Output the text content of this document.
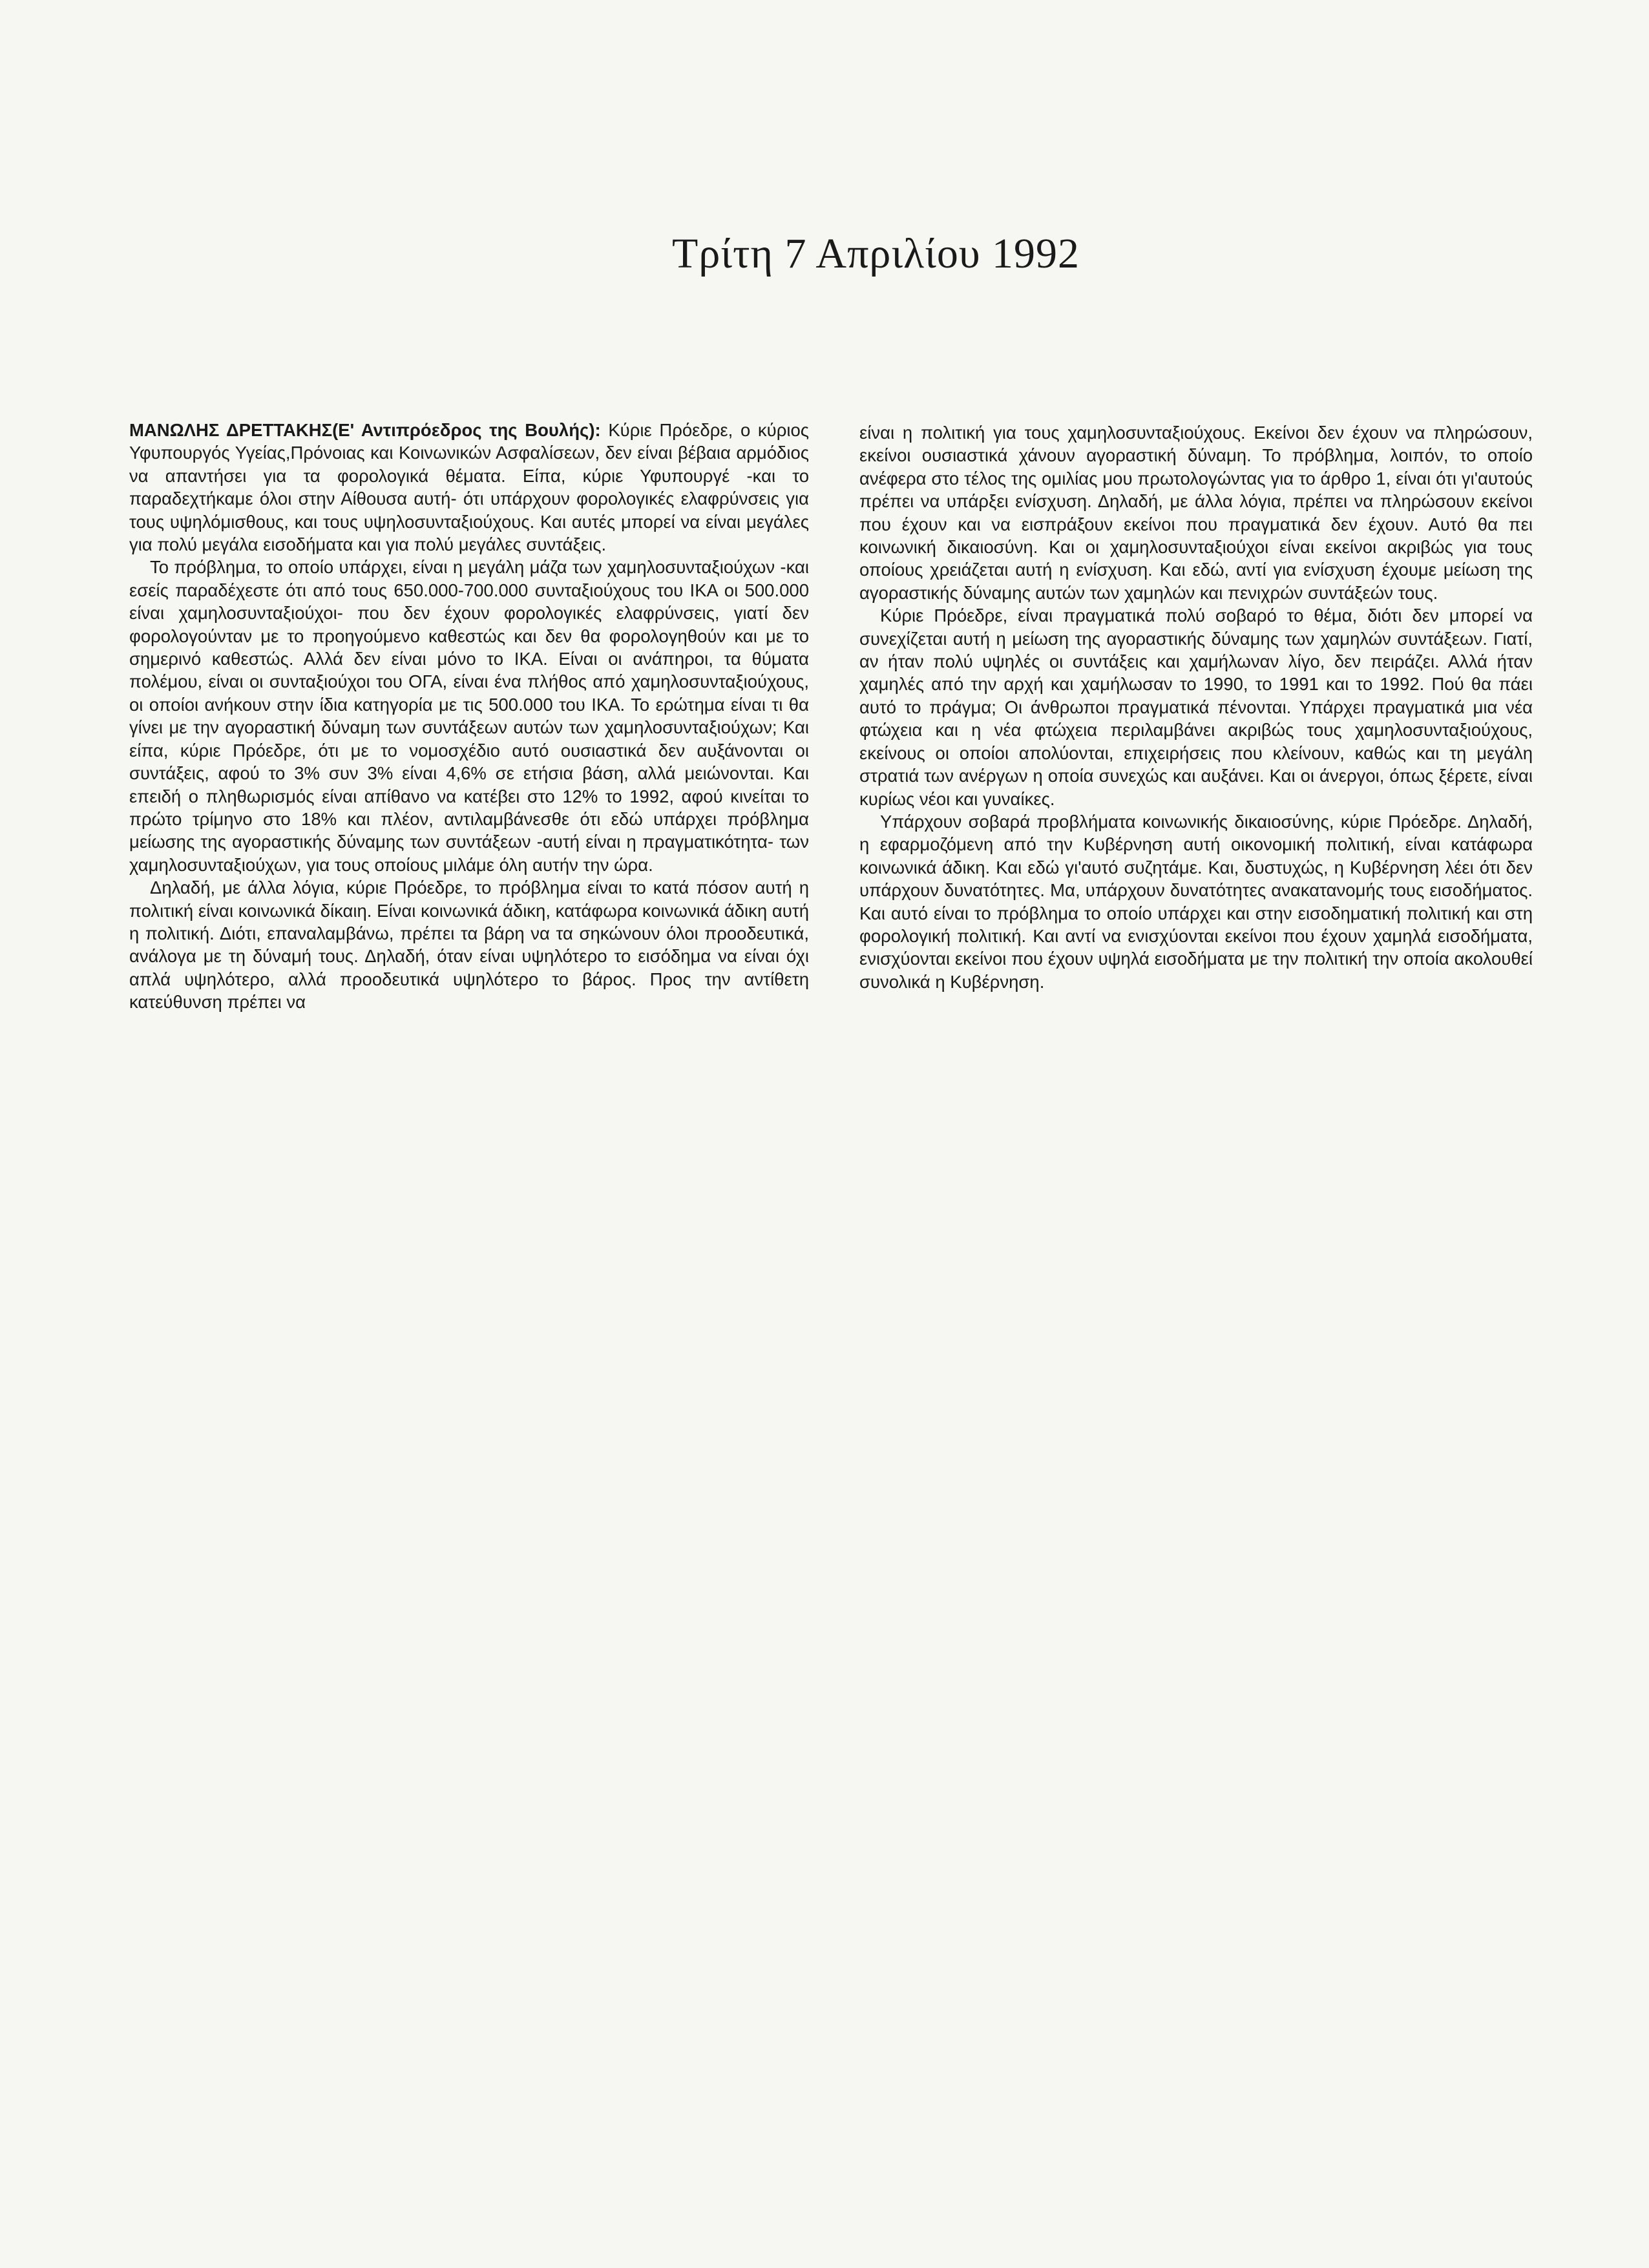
Τρίτη 7 Απριλίου 1992

ΜΑΝΩΛΗΣ ΔΡΕΤΤΑΚΗΣ(Ε' Αντιπρόεδρος της Βουλής): Κύριε Πρόεδρε, ο κύριος Υφυπουργός Υγείας,Πρόνοιας και Κοινωνικών Ασφαλίσεων, δεν είναι βέβαια αρμόδιος να απαντήσει για τα φορολογικά θέματα. Είπα, κύριε Υφυπουργέ -και το παραδεχτήκαμε όλοι στην Αίθουσα αυτή- ότι υπάρχουν φορολογικές ελαφρύνσεις για τους υψηλόμισθους, και τους υψηλοσυνταξιούχους. Και αυτές μπορεί να είναι μεγάλες για πολύ μεγάλα εισοδήματα και για πολύ μεγάλες συντάξεις.

Το πρόβλημα, το οποίο υπάρχει, είναι η μεγάλη μάζα των χαμηλοσυνταξιούχων -και εσείς παραδέχεστε ότι από τους 650.000-700.000 συνταξιούχους του ΙΚΑ οι 500.000 είναι χαμηλοσυνταξιούχοι- που δεν έχουν φορολογικές ελαφρύνσεις, γιατί δεν φορολογούνταν με το προηγούμενο καθεστώς και δεν θα φορολογηθούν και με το σημερινό καθεστώς. Αλλά δεν είναι μόνο το ΙΚΑ. Είναι οι ανάπηροι, τα θύματα πολέμου, είναι οι συνταξιούχοι του ΟΓΑ, είναι ένα πλήθος από χαμηλοσυνταξιούχους, οι οποίοι ανήκουν στην ίδια κατηγορία με τις 500.000 του ΙΚΑ. Το ερώτημα είναι τι θα γίνει με την αγοραστική δύναμη των συντάξεων αυτών των χαμηλοσυνταξιούχων; Και είπα, κύριε Πρόεδρε, ότι με το νομοσχέδιο αυτό ουσιαστικά δεν αυξάνονται οι συντάξεις, αφού το 3% συν 3% είναι 4,6% σε ετήσια βάση, αλλά μειώνονται. Και επειδή ο πληθωρισμός είναι απίθανο να κατέβει στο 12% το 1992, αφού κινείται το πρώτο τρίμηνο στο 18% και πλέον, αντιλαμβάνεσθε ότι εδώ υπάρχει πρόβλημα μείωσης της αγοραστικής δύναμης των συντάξεων -αυτή είναι η πραγματικότητα- των χαμηλοσυνταξιούχων, για τους οποίους μιλάμε όλη αυτήν την ώρα.

Δηλαδή, με άλλα λόγια, κύριε Πρόεδρε, το πρόβλημα είναι το κατά πόσον αυτή η πολιτική είναι κοινωνικά δίκαιη. Είναι κοινωνικά άδικη, κατάφωρα κοινωνικά άδικη αυτή η πολιτική. Διότι, επαναλαμβάνω, πρέπει τα βάρη να τα σηκώνουν όλοι προοδευτικά, ανάλογα με τη δύναμή τους. Δηλαδή, όταν είναι υψηλότερο το εισόδημα να είναι όχι απλά υψηλότερο, αλλά προοδευτικά υψηλότερο το βάρος. Προς την αντίθετη κατεύθυνση πρέπει να

είναι η πολιτική για τους χαμηλοσυνταξιούχους. Εκείνοι δεν έχουν να πληρώσουν, εκείνοι ουσιαστικά χάνουν αγοραστική δύναμη. Το πρόβλημα, λοιπόν, το οποίο ανέφερα στο τέλος της ομιλίας μου πρωτολογώντας για το άρθρο 1, είναι ότι γι'αυτούς πρέπει να υπάρξει ενίσχυση. Δηλαδή, με άλλα λόγια, πρέπει να πληρώσουν εκείνοι που έχουν και να εισπράξουν εκείνοι που πραγματικά δεν έχουν. Αυτό θα πει κοινωνική δικαιοσύνη. Και οι χαμηλοσυνταξιούχοι είναι εκείνοι ακριβώς για τους οποίους χρειάζεται αυτή η ενίσχυση. Και εδώ, αντί για ενίσχυση έχουμε μείωση της αγοραστικής δύναμης αυτών των χαμηλών και πενιχρών συντάξεών τους.

Κύριε Πρόεδρε, είναι πραγματικά πολύ σοβαρό το θέμα, διότι δεν μπορεί να συνεχίζεται αυτή η μείωση της αγοραστικής δύναμης των χαμηλών συντάξεων. Γιατί, αν ήταν πολύ υψηλές οι συντάξεις και χαμήλωναν λίγο, δεν πειράζει. Αλλά ήταν χαμηλές από την αρχή και χαμήλωσαν το 1990, το 1991 και το 1992. Πού θα πάει αυτό το πράγμα; Οι άνθρωποι πραγματικά πένονται. Υπάρχει πραγματικά μια νέα φτώχεια και η νέα φτώχεια περιλαμβάνει ακριβώς τους χαμηλοσυνταξιούχους, εκείνους οι οποίοι απολύονται, επιχειρήσεις που κλείνουν, καθώς και τη μεγάλη στρατιά των ανέργων η οποία συνεχώς και αυξάνει. Και οι άνεργοι, όπως ξέρετε, είναι κυρίως νέοι και γυναίκες.

Υπάρχουν σοβαρά προβλήματα κοινωνικής δικαιοσύνης, κύριε Πρόεδρε. Δηλαδή, η εφαρμοζόμενη από την Κυβέρνηση αυτή οικονομική πολιτική, είναι κατάφωρα κοινωνικά άδικη. Και εδώ γι'αυτό συζητάμε. Και, δυστυχώς, η Κυβέρνηση λέει ότι δεν υπάρχουν δυνατότητες. Μα, υπάρχουν δυνατότητες ανακατανομής τους εισοδήματος. Και αυτό είναι το πρόβλημα το οποίο υπάρχει και στην εισοδηματική πολιτική και στη φορολογική πολιτική. Και αντί να ενισχύονται εκείνοι που έχουν χαμηλά εισοδήματα, ενισχύονται εκείνοι που έχουν υψηλά εισοδήματα με την πολιτική την οποία ακολουθεί συνολικά η Κυβέρνηση.
